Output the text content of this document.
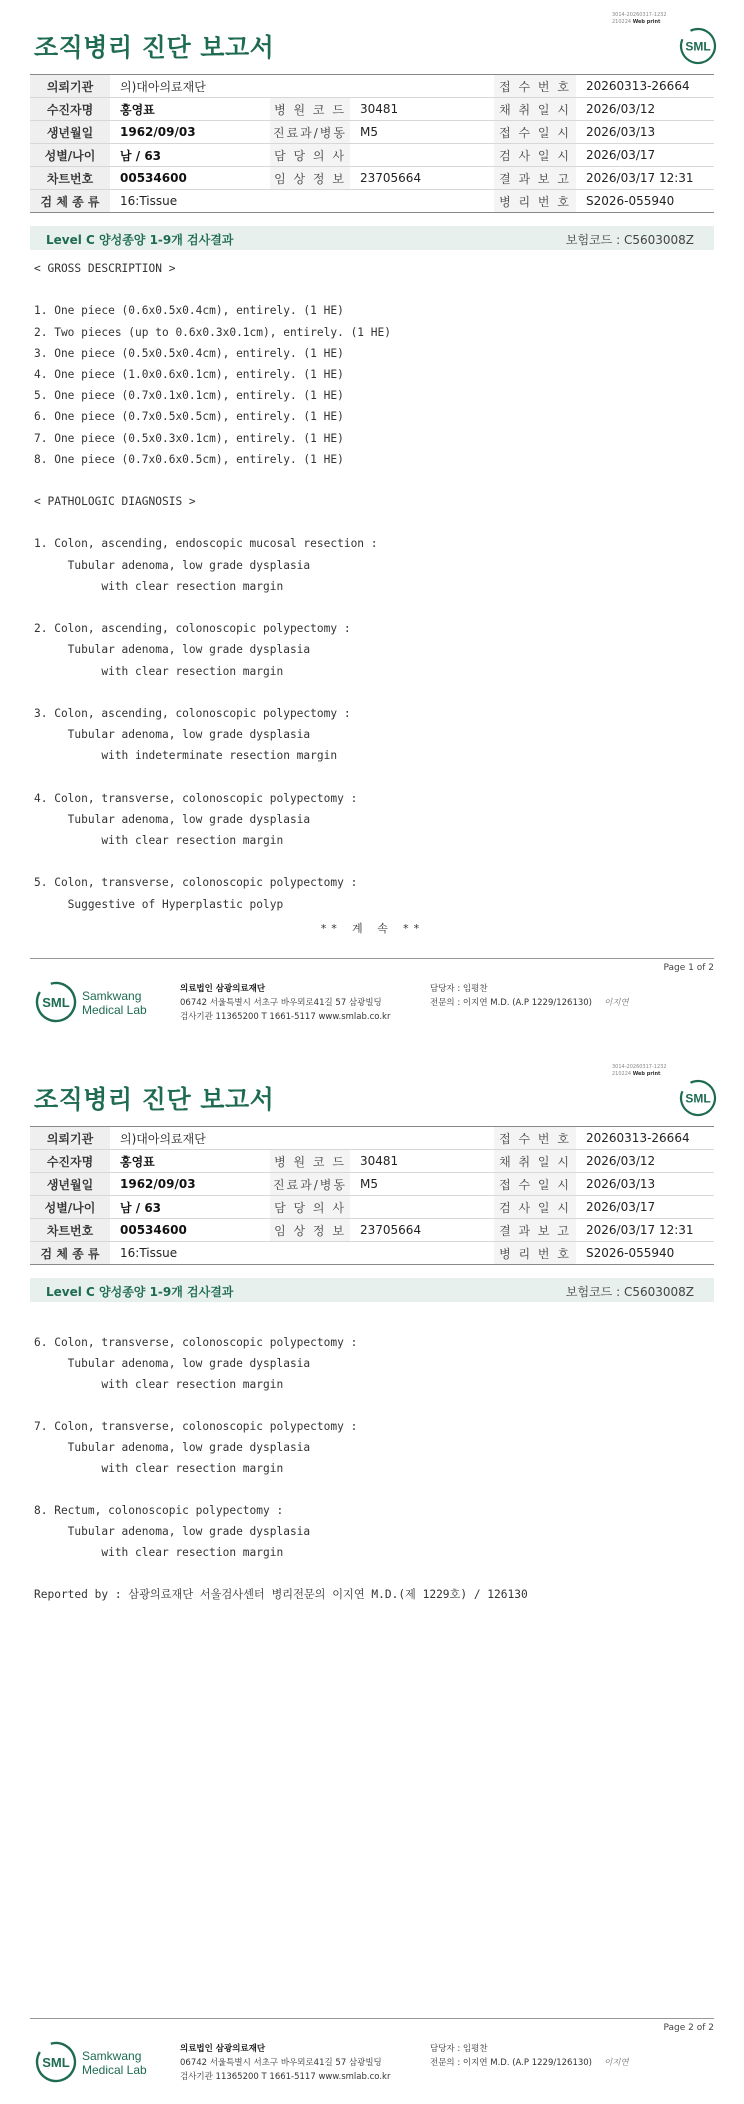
3014-20260317-1232
210224 Web print
조직병리 진단 보고서	SML
의뢰기관	의)대아의료재단			접 수 번 호	20260313-26664
수진자명	홍영표	병 원 코 드	30481	채 취 일 시	2026/03/12
생년월일	1962/09/03	진료과/병동	M5	접 수 일 시	2026/03/13
성별/나이	남 / 63	담 당 의 사		검 사 일 시	2026/03/17
차트번호	00534600	임 상 정 보	23705664	결 과 보 고	2026/03/17 12:31
검 체 종 류	16:Tissue			병 리 번 호	S2026-055940
Level C 양성종양 1-9개 검사결과	보험코드 : C5603008Z
< GROSS DESCRIPTION >
1. One piece (0.6x0.5x0.4cm), entirely. (1 HE)
2. Two pieces (up to 0.6x0.3x0.1cm), entirely. (1 HE)
3. One piece (0.5x0.5x0.4cm), entirely. (1 HE)
4. One piece (1.0x0.6x0.1cm), entirely. (1 HE)
5. One piece (0.7x0.1x0.1cm), entirely. (1 HE)
6. One piece (0.7x0.5x0.5cm), entirely. (1 HE)
7. One piece (0.5x0.3x0.1cm), entirely. (1 HE)
8. One piece (0.7x0.6x0.5cm), entirely. (1 HE)
< PATHOLOGIC DIAGNOSIS >
1. Colon, ascending, endoscopic mucosal resection :
Tubular adenoma, low grade dysplasia
with clear resection margin
2. Colon, ascending, colonoscopic polypectomy :
Tubular adenoma, low grade dysplasia
with clear resection margin
3. Colon, ascending, colonoscopic polypectomy :
Tubular adenoma, low grade dysplasia
with indeterminate resection margin
4. Colon, transverse, colonoscopic polypectomy :
Tubular adenoma, low grade dysplasia
with clear resection margin
5. Colon, transverse, colonoscopic polypectomy :
Suggestive of Hyperplastic polyp
** 계 속 **
Page 1 of 2
SML Samkwang
Medical Lab
의료법인 삼광의료재단
06742 서울특별시 서초구 바우뫼로41길 57 삼광빌딩
검사기관 11365200 T 1661-5117 www.smlab.co.kr
담당자 : 임평찬
전문의 : 이지연 M.D. (A.P 1229/126130) 이지연
3014-20260317-1232
210224 Web print
조직병리 진단 보고서	SML
의뢰기관	의)대아의료재단			접 수 번 호	20260313-26664
수진자명	홍영표	병 원 코 드	30481	채 취 일 시	2026/03/12
생년월일	1962/09/03	진료과/병동	M5	접 수 일 시	2026/03/13
성별/나이	남 / 63	담 당 의 사		검 사 일 시	2026/03/17
차트번호	00534600	임 상 정 보	23705664	결 과 보 고	2026/03/17 12:31
검 체 종 류	16:Tissue			병 리 번 호	S2026-055940
Level C 양성종양 1-9개 검사결과	보험코드 : C5603008Z
6. Colon, transverse, colonoscopic polypectomy :
Tubular adenoma, low grade dysplasia
with clear resection margin
7. Colon, transverse, colonoscopic polypectomy :
Tubular adenoma, low grade dysplasia
with clear resection margin
8. Rectum, colonoscopic polypectomy :
Tubular adenoma, low grade dysplasia
with clear resection margin
Reported by : 삼광의료재단 서울검사센터 병리전문의 이지연 M.D.(제 1229호) / 126130
Page 2 of 2
SML Samkwang
Medical Lab
의료법인 삼광의료재단
06742 서울특별시 서초구 바우뫼로41길 57 삼광빌딩
검사기관 11365200 T 1661-5117 www.smlab.co.kr
담당자 : 임평찬
전문의 : 이지연 M.D. (A.P 1229/126130) 이지연
